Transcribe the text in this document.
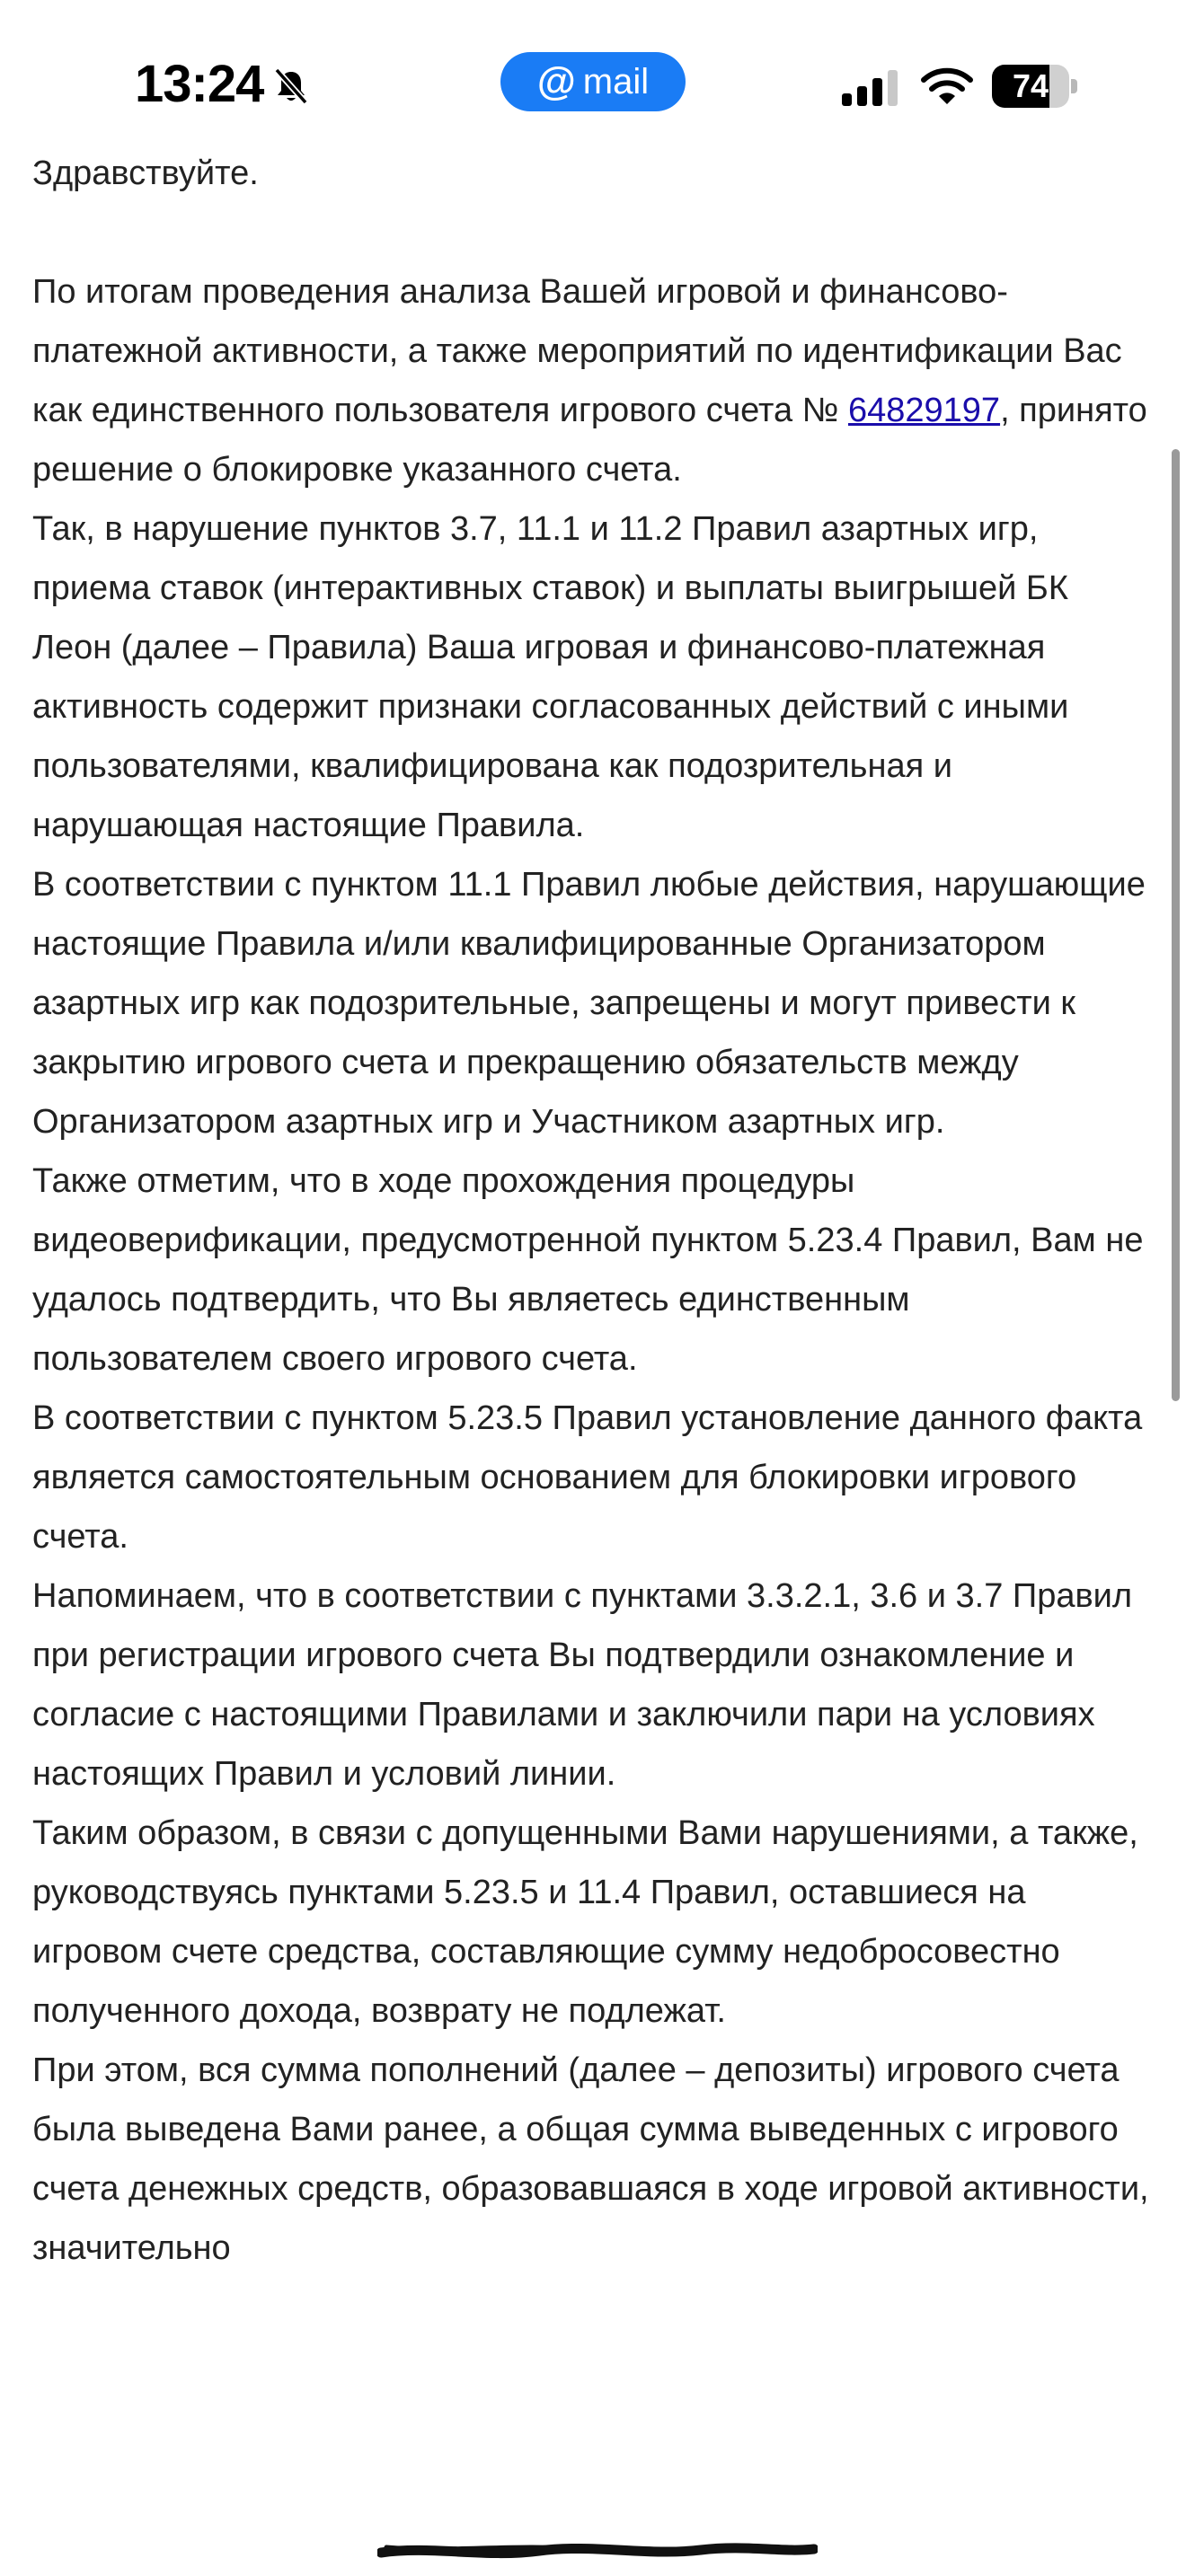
13:24	@ mail	74

Здравствуйте.

По итогам проведения анализа Вашей игровой и финансово-платежной активности, а также мероприятий по идентификации Вас как единственного пользователя игрового счета № 64829197, принято решение о блокировке указанного счета.

Так, в нарушение пунктов 3.7, 11.1 и 11.2 Правил азартных игр, приема ставок (интерактивных ставок) и выплаты выигрышей БК Леон (далее – Правила) Ваша игровая и финансово-платежная активность содержит признаки согласованных действий с иными пользователями, квалифицирована как подозрительная и нарушающая настоящие Правила.

В соответствии с пунктом 11.1 Правил любые действия, нарушающие настоящие Правила и/или квалифицированные Организатором азартных игр как подозрительные, запрещены и могут привести к закрытию игрового счета и прекращению обязательств между Организатором азартных игр и Участником азартных игр.

Также отметим, что в ходе прохождения процедуры видеоверификации, предусмотренной пунктом 5.23.4 Правил, Вам не удалось подтвердить, что Вы являетесь единственным пользователем своего игрового счета.

В соответствии с пунктом 5.23.5 Правил установление данного факта является самостоятельным основанием для блокировки игрового счета.

Напоминаем, что в соответствии с пунктами 3.3.2.1, 3.6 и 3.7 Правил при регистрации игрового счета Вы подтвердили ознакомление и согласие с настоящими Правилами и заключили пари на условиях настоящих Правил и условий линии.

Таким образом, в связи с допущенными Вами нарушениями, а также, руководствуясь пунктами 5.23.5 и 11.4 Правил, оставшиеся на игровом счете средства, составляющие сумму недобросовестно полученного дохода, возврату не подлежат.

При этом, вся сумма пополнений (далее – депозиты) игрового счета была выведена Вами ранее, а общая сумма выведенных с игрового счета денежных средств, образовавшаяся в ходе игровой активности, значительно
